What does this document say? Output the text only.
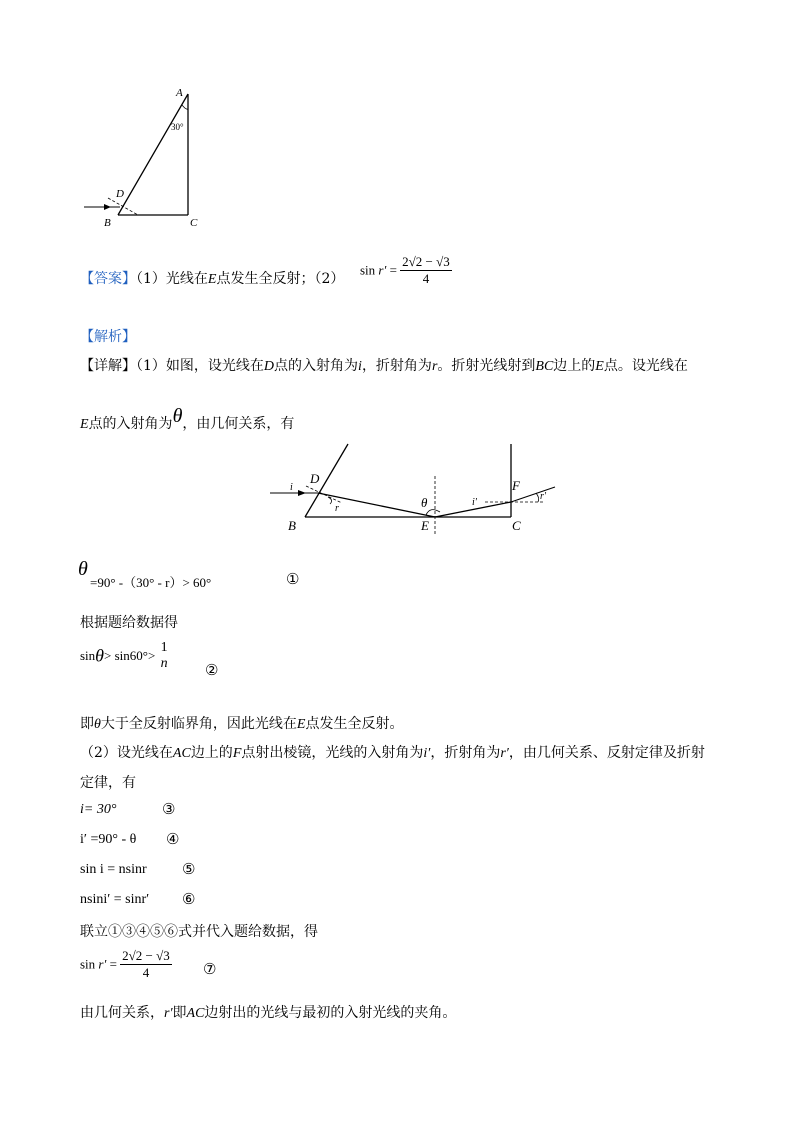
A
30°
D
B	C
【答案】（1）光线在E点发生全反射；（2）
$\sin r' = \frac{2√2 - √3}{4}$
【解析】
【详解】（1）如图，设光线在D点的入射角为i，折射角为r。折射光线射到BC边上的E点。设光线在
E点的入射角为θ，由几何关系，有
D
i
r	θ
F
i′
r′
B	E	C
θ
=90° -（30° - r）> 60°	①
根据题给数据得
sinθ> sin60°>
1
n ②
即θ大于全反射临界角，因此光线在E点发生全反射。
（2）设光线在AC边上的F点射出棱镜，光线的入射角为i′，折射角为r′，由几何关系、反射定律及折射
定律，有
i= 30°	③
i′ =90° - θ ④
sin i = nsinr ⑤
nsini′ = sinr′ ⑥
联立①③④⑤⑥式并代入题给数据，得
$\sin r' = \frac{2√2 - √3}{4}$ ⑦
由几何关系，r′即AC边射出的光线与最初的入射光线的夹角。
